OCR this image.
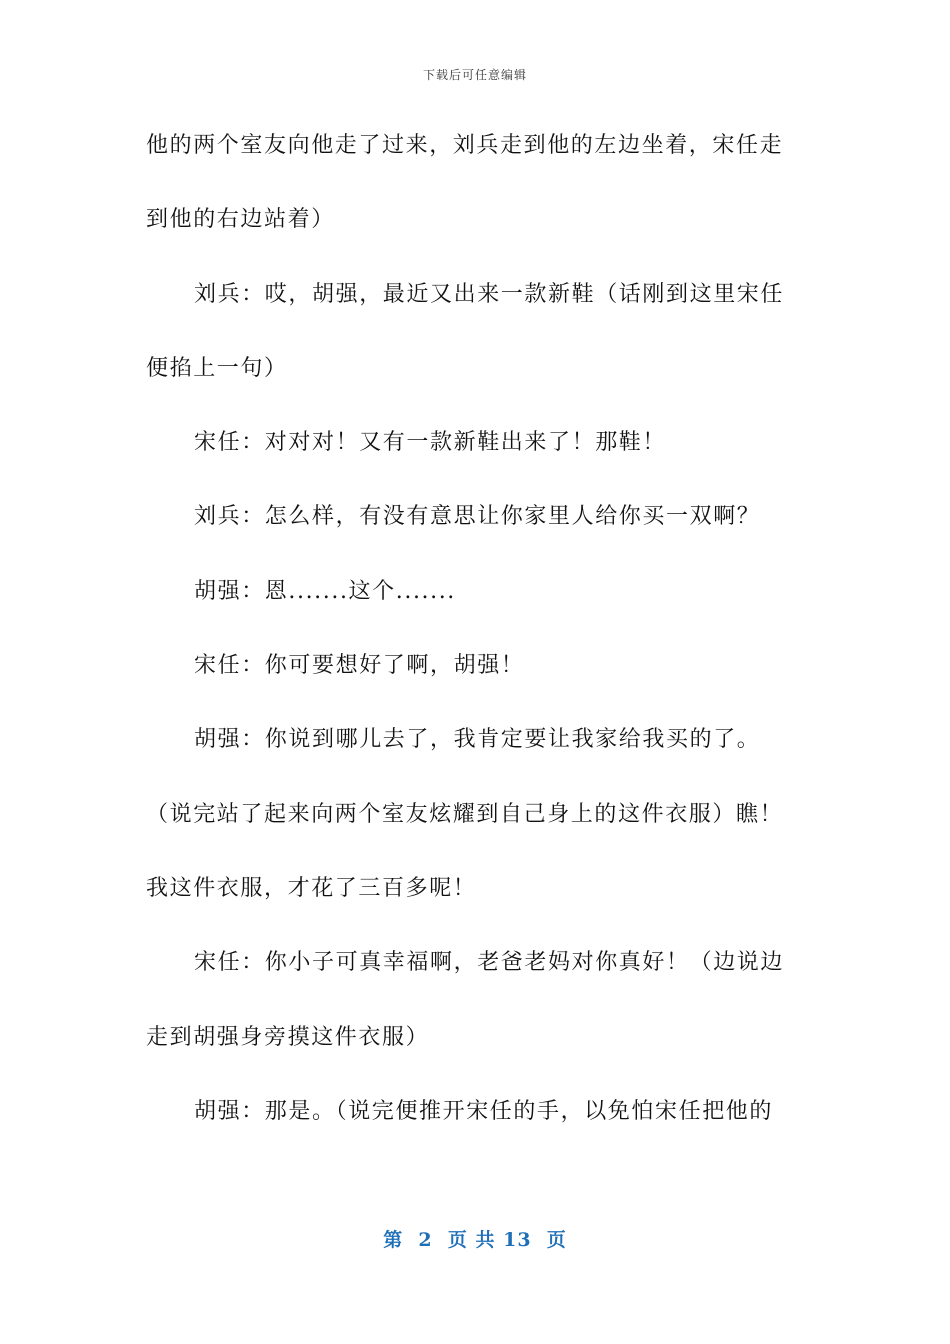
下载后可任意编辑
他的两个室友向他走了过来，刘兵走到他的左边坐着，宋任走
到他的右边站着）
刘兵：哎，胡强，最近又出来一款新鞋（话刚到这里宋任
便掐上一句）
宋任：对对对！又有一款新鞋出来了！那鞋！
刘兵：怎么样，有没有意思让你家里人给你买一双啊？
胡强：恩.......这个.......
宋任：你可要想好了啊，胡强！
胡强：你说到哪儿去了，我肯定要让我家给我买的了。
（说完站了起来向两个室友炫耀到自己身上的这件衣服）瞧！
我这件衣服，才花了三百多呢！
宋任：你小子可真幸福啊，老爸老妈对你真好！（边说边
走到胡强身旁摸这件衣服）
胡强：那是。（说完便推开宋任的手，以免怕宋任把他的
第  2  页 共 13  页
